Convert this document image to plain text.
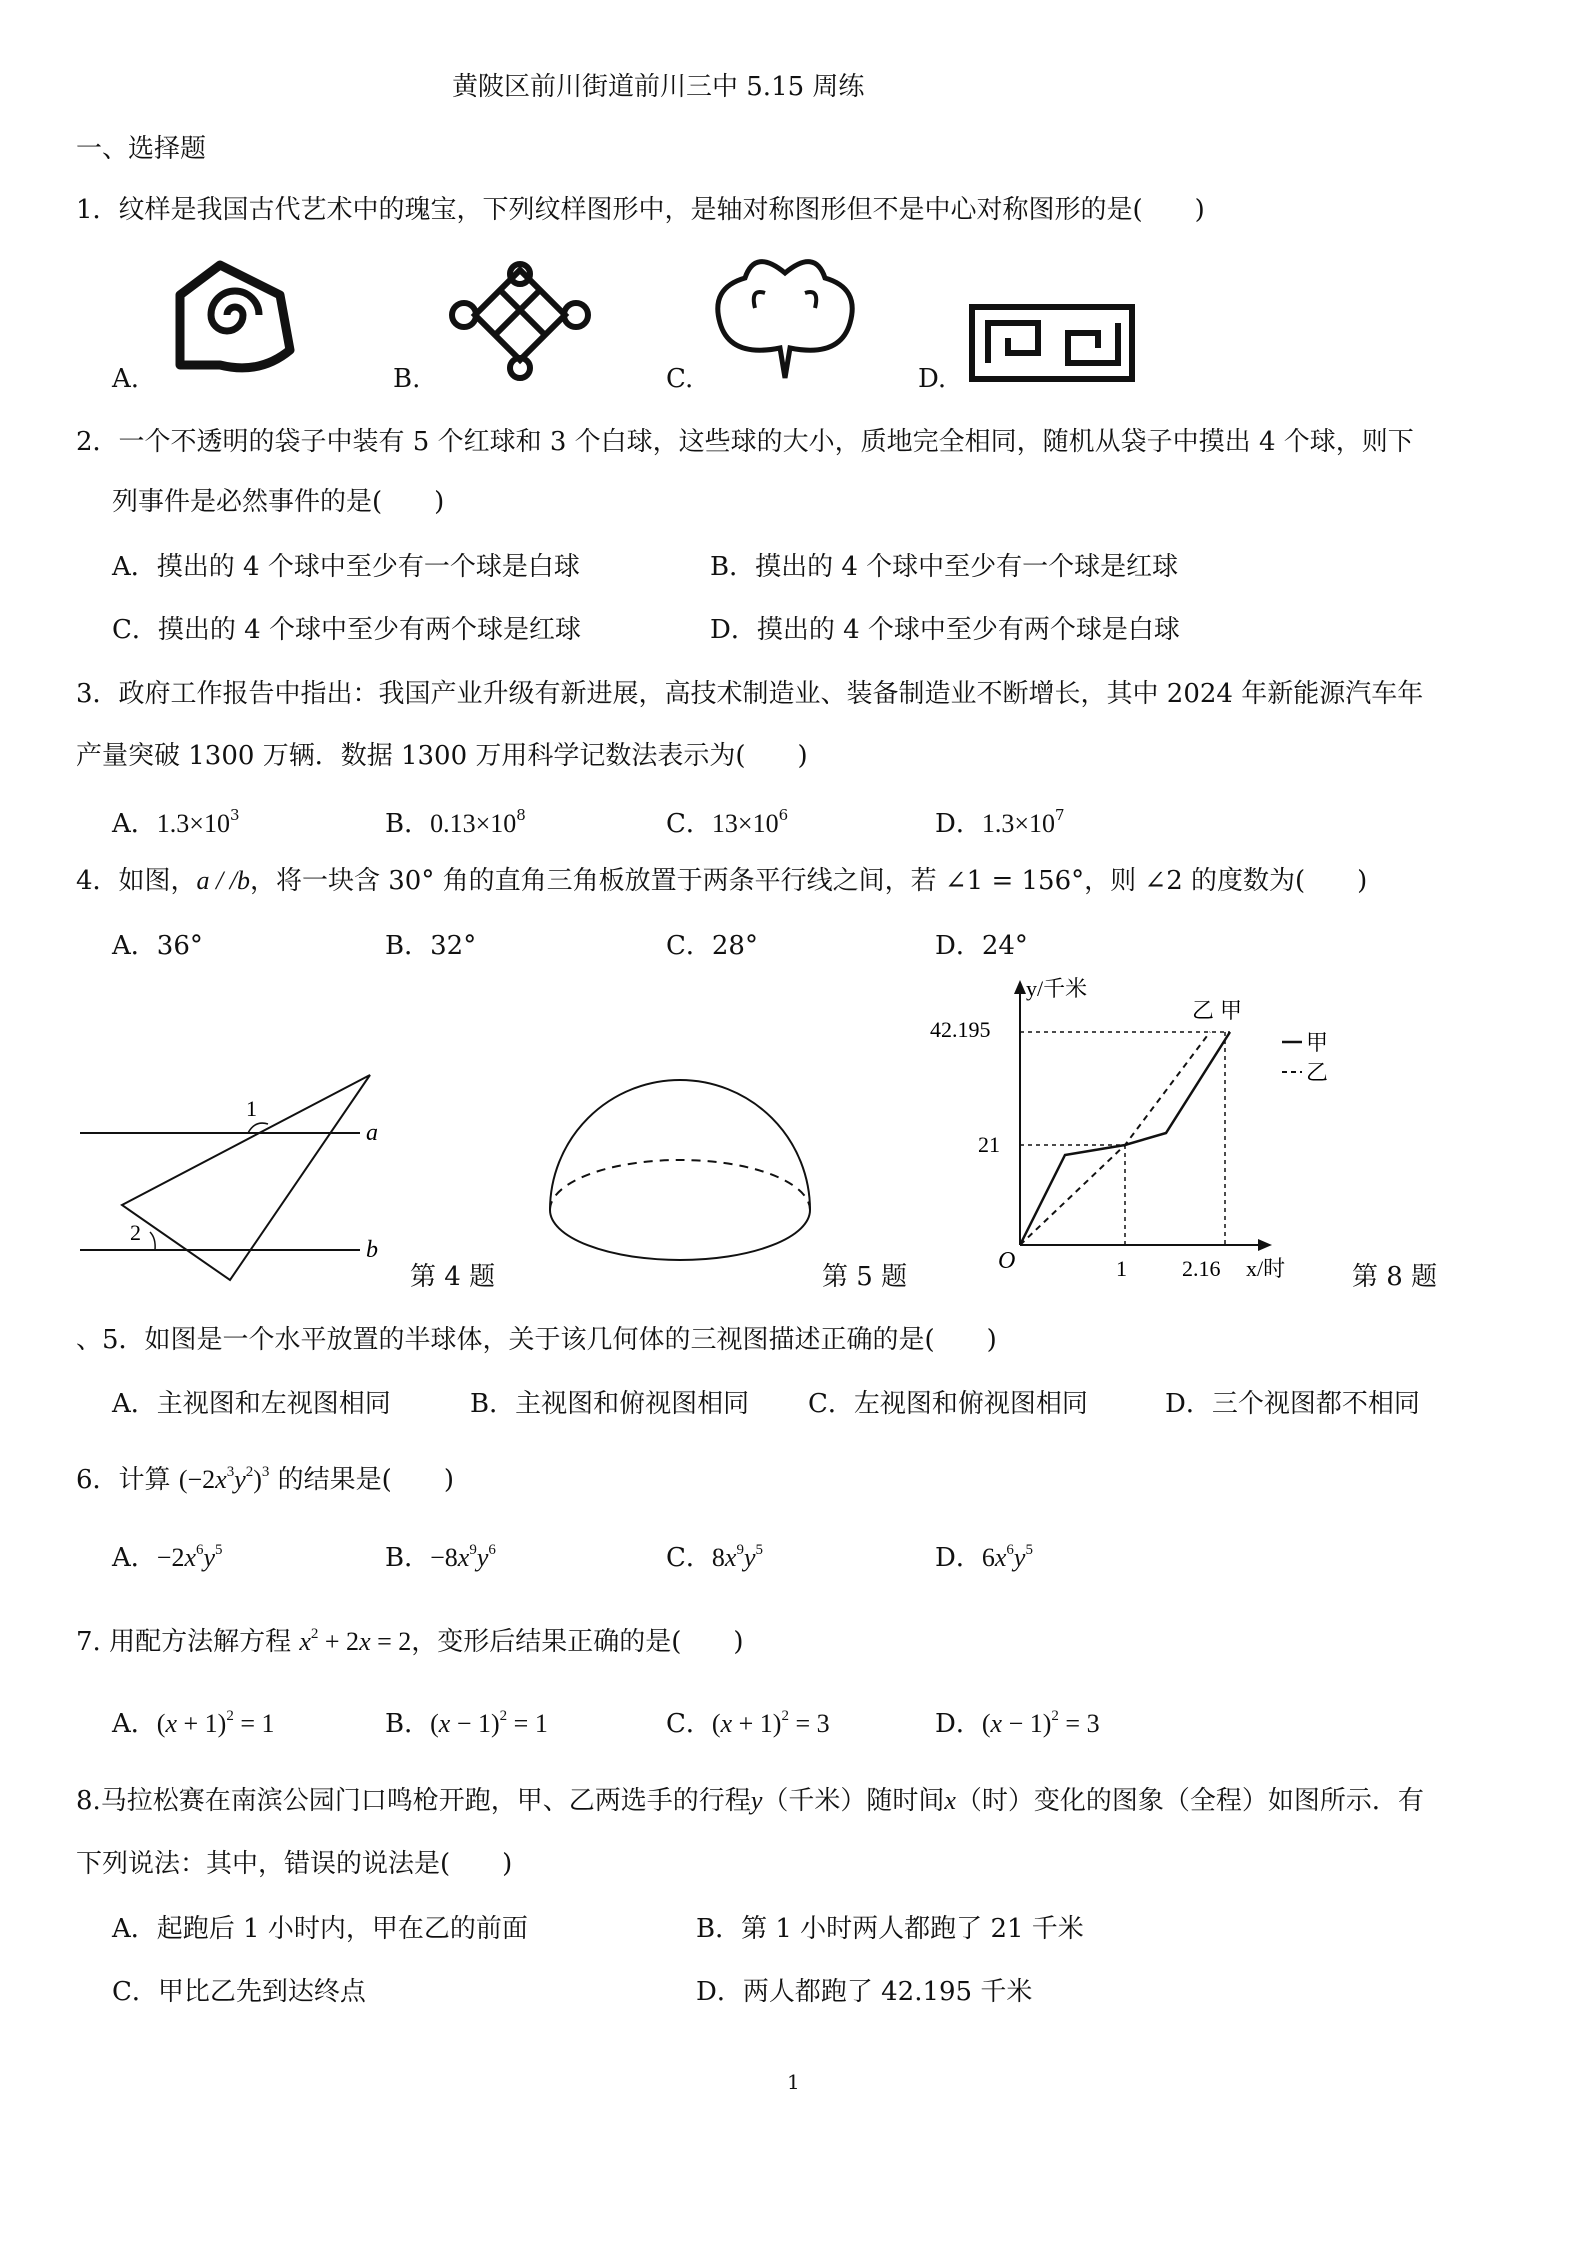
黄陂区前川街道前川三中 5.15 周练
一、选择题
1．纹样是我国古代艺术中的瑰宝，下列纹样图形中，是轴对称图形但不是中心对称图形的是(　　)
A.	B.	C.	D.
2．一个不透明的袋子中装有 5 个红球和 3 个白球，这些球的大小，质地完全相同，随机从袋子中摸出 4 个球，则下
列事件是必然事件的是(　　)
A．摸出的 4 个球中至少有一个球是白球	B．摸出的 4 个球中至少有一个球是红球
C．摸出的 4 个球中至少有两个球是红球	D．摸出的 4 个球中至少有两个球是白球
3．政府工作报告中指出：我国产业升级有新进展，高技术制造业、装备制造业不断增长，其中 2024 年新能源汽车年
产量突破 1300 万辆．数据 1300 万用科学记数法表示为(　　)
A．$1.3\times 10^3$	B．$0.13\times 10^8$	C．$13\times 10^6$	D．$1.3\times 10^7$
4．如图，a / /b，将一块含 30° 角的直角三角板放置于两条平行线之间，若 ∠1 = 156°，则 ∠2 的度数为(　　)
A．36°	B．32°	C．28°	D．24°
1
2
a
b
第 4 题	第 5 题
y/千米
x/时
O
42.195
21
1	2.16
乙 甲
甲
乙
第 8 题
、5．如图是一个水平放置的半球体，关于该几何体的三视图描述正确的是(　　)
A．主视图和左视图相同	B．主视图和俯视图相同 C．左视图和俯视图相同	D．三个视图都不相同
6．计算 $(-2x^3y^2)^3$ 的结果是(　　)
A．$-2x^6y^5$	B．$-8x^9y^6$	C．$8x^9y^5$	D．$6x^6y^5$
7. 用配方法解方程 $x^2 + 2x = 2$，变形后结果正确的是(　　)
A．$(x + 1)^2 = 1$	B．$(x - 1)^2 = 1$	C．$(x + 1)^2 = 3$	D．$(x - 1)^2 = 3$
8.马拉松赛在南滨公园门口鸣枪开跑，甲、乙两选手的行程y（千米）随时间x（时）变化的图象（全程）如图所示．有
下列说法：其中，错误的说法是(　　)
A．起跑后 1 小时内，甲在乙的前面	B．第 1 小时两人都跑了 21 千米
C．甲比乙先到达终点	D．两人都跑了 42.195 千米
1
